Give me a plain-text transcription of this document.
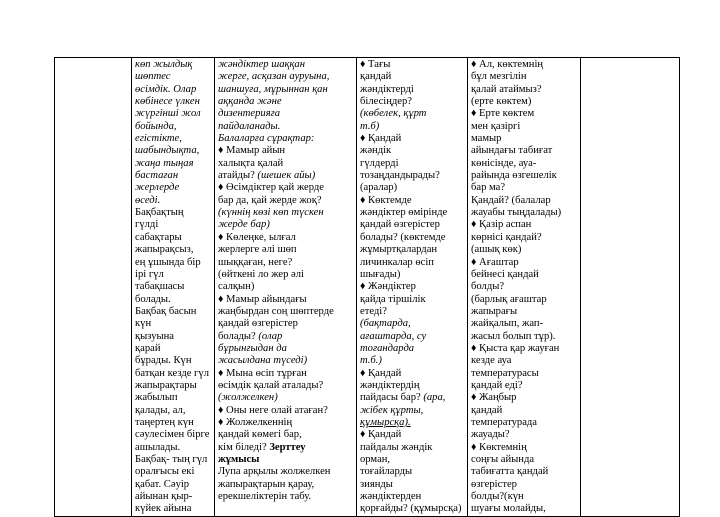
көп жылдық
шөптес
өсімдік. Олар
көбінесе үлкен
жүргінші жол
бойында,
егістікте,
шабындықта,
жаңа тыңая
бастаған
жерлерде
өседі.
Бақбақтың
гүлді
сабақтары
жапырақсыз,
ең ұшында бір
ірі гүл
табақшасы
болады.
Бақбақ басын
күн
қызуына
қарай
бұрады. Күн
батқан кезде гүл
жапырақтары
жабылып
қалады, ал,
таңертең күн
сәулесімен бірге
ашылады.
Бақбақ- тың гүл
оралғысы екі
қабат. Сәуір
айынан қыр-
күйек айына

жәндіктер шаққан
жерге, асқазан ауруына,
шаншуға, мұрыннан қан
аққанда және
дизентерияға
пайдаланады.
Балаларға сұрақтар:
♦ Мамыр айын
халықта қалай
атайды? (шешек айы)
♦ Өсімдіктер қай жерде
бар да, қай жерде жоқ?
(күннің көзі көп түскен
жерде бар)
♦ Көлеңке, ылғал
жерлерге әлі шөп
шыққаған, неге?
(өйткені ло жер әлі
салқын)
♦ Мамыр айындағы
жаңбырдан соң шөптерде
қандай өзгерістер
болады? (олар
бұрынғыдан да
жасылдана түседі)
♦ Мына өсіп тұрған
өсімдік қалай аталады?
(жолжелкен)
♦ Оны неге олай атаған?
♦ Жолжелкеннің
қандай көмегі бар,
кім біледі? Зерттеу
жұмысы
Лупа арқылы жолжелкен
жапырақтарын қарау,
ерекшеліктерін табу.

♦ Тағы
қандай
жәндіктерді
білесіңдер?
(көбелек, құрт
т.б)
♦ Қандай
жәндік
гүлдерді
тозаңдандырады?
(аралар)
♦ Көктемде
жәндіктер өмірінде
қандай өзгерістер
болады? (көктемде
жұмыртқалардан
личинкалар өсіп
шығады)
♦ Жәндіктер
қайда тіршілік
етеді?
(бақтарда,
ағаштарда, су
тоғандарда
т.б.)
♦ Қандай
жәндіктердің
пайдасы бар? (ара,
жібек құрты,
құмырсқа).
♦ Қандай
пайдалы жәндік
орман,
тоғайларды
зиянды
жәндіктерден
қорғайды? (құмырсқа)

♦ Ал, көктемнің
бұл мезгілін
қалай атаймыз?
(ерте көктем)
♦ Ерте көктем
мен қазіргі
мамыр
айындағы табиғат
көнісінде, ауа-
райында өзгешелік
бар ма?
Қандай? (балалар
жауабы тыңдалады)
♦ Қазір аспан
көрнісі қандай?
(ашық көк)
♦ Ағаштар
бейнесі қандай
болды?
(барлық ағаштар
жапырағы
жайқалып, жап-
жасыл болып тұр).
♦ Қыста қар жауған
кезде ауа
температурасы
қандай еді?
♦ Жаңбыр
қандай
температурада
жауады?
♦ Көктемнің
соңғы айында
табиғатта қандай
өзгерістер
болды?(күн
шуағы молайды,
